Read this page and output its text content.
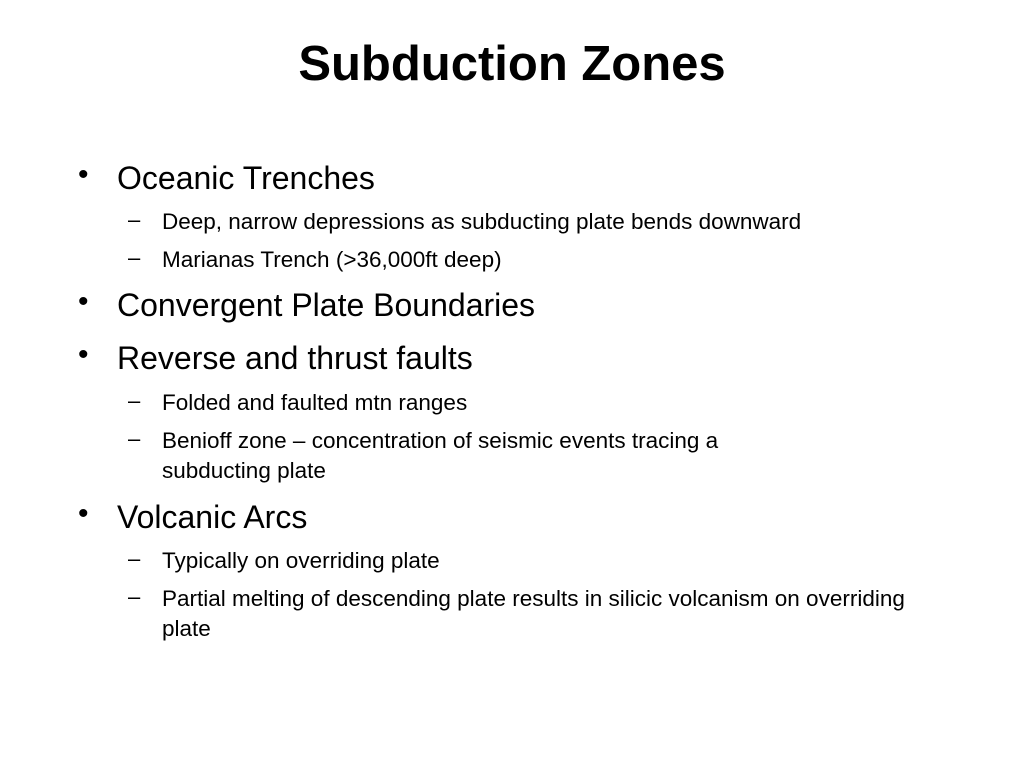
Subduction Zones
• Oceanic Trenches
– Deep, narrow depressions as subducting plate bends downward
– Marianas Trench (>36,000ft deep)
• Convergent Plate Boundaries
• Reverse and thrust faults
– Folded and faulted mtn ranges
– Benioff zone – concentration of seismic events tracing a subducting plate
• Volcanic Arcs
– Typically on overriding plate
– Partial melting of descending plate results in silicic volcanism on overriding plate
